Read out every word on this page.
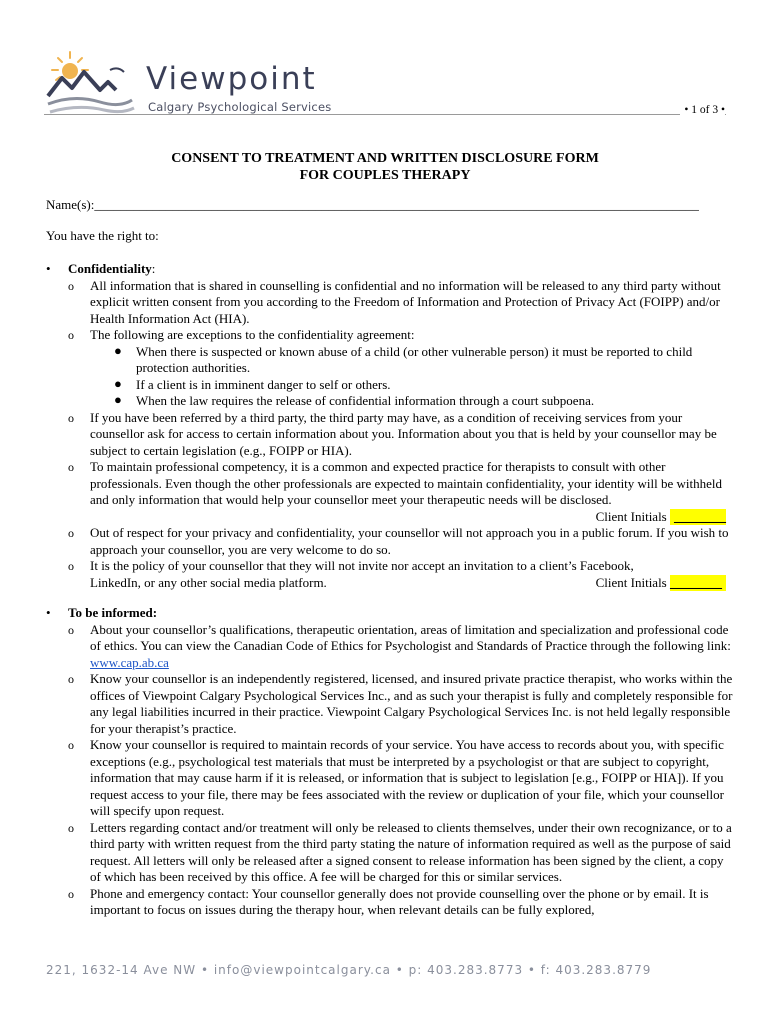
Viewpoint
Calgary Psychological Services	• 1 of 3 •
CONSENT TO TREATMENT AND WRITTEN DISCLOSURE FORM
FOR COUPLES THERAPY
Name(s):_____________________________________________________________________________________________
You have the right to:
• Confidentiality:
o All information that is shared in counselling is confidential and no information will be released to any third party without explicit written consent from you according to the Freedom of Information and Protection of Privacy Act (FOIPP) and/or Health Information Act (HIA).
o The following are exceptions to the confidentiality agreement:
● When there is suspected or known abuse of a child (or other vulnerable person) it must be reported to child protection authorities.
● If a client is in imminent danger to self or others.
● When the law requires the release of confidential information through a court subpoena.
o If you have been referred by a third party, the third party may have, as a condition of receiving services from your counsellor ask for access to certain information about you. Information about you that is held by your counsellor may be subject to certain legislation (e.g., FOIPP or HIA).
o To maintain professional competency, it is a common and expected practice for therapists to consult with other professionals. Even though the other professionals are expected to maintain confidentiality, your identity will be withheld and only information that would help your counsellor meet your therapeutic needs will be disclosed.
Client Initials ________
o Out of respect for your privacy and confidentiality, your counsellor will not approach you in a public forum. If you wish to approach your counsellor, you are very welcome to do so.
o It is the policy of your counsellor that they will not invite nor accept an invitation to a client’s Facebook,
LinkedIn, or any other social media platform.	Client Initials ________
• To be informed:
o About your counsellor’s qualifications, therapeutic orientation, areas of limitation and specialization and professional code of ethics. You can view the Canadian Code of Ethics for Psychologist and Standards of Practice through the following link: www.cap.ab.ca
o Know your counsellor is an independently registered, licensed, and insured private practice therapist, who works within the offices of Viewpoint Calgary Psychological Services Inc., and as such your therapist is fully and completely responsible for any legal liabilities incurred in their practice. Viewpoint Calgary Psychological Services Inc. is not held legally responsible for your therapist’s practice.
o Know your counsellor is required to maintain records of your service. You have access to records about you, with specific exceptions (e.g., psychological test materials that must be interpreted by a psychologist or that are subject to copyright, information that may cause harm if it is released, or information that is subject to legislation [e.g., FOIPP or HIA]). If you request access to your file, there may be fees associated with the review or duplication of your file, which your counsellor will specify upon request.
o Letters regarding contact and/or treatment will only be released to clients themselves, under their own recognizance, or to a third party with written request from the third party stating the nature of information required as well as the purpose of said request. All letters will only be released after a signed consent to release information has been signed by the client, a copy of which has been received by this office. A fee will be charged for this or similar services.
o Phone and emergency contact: Your counsellor generally does not provide counselling over the phone or by email. It is important to focus on issues during the therapy hour, when relevant details can be fully explored,
221, 1632-14 Ave NW • info@viewpointcalgary.ca • p: 403.283.8773 • f: 403.283.8779
